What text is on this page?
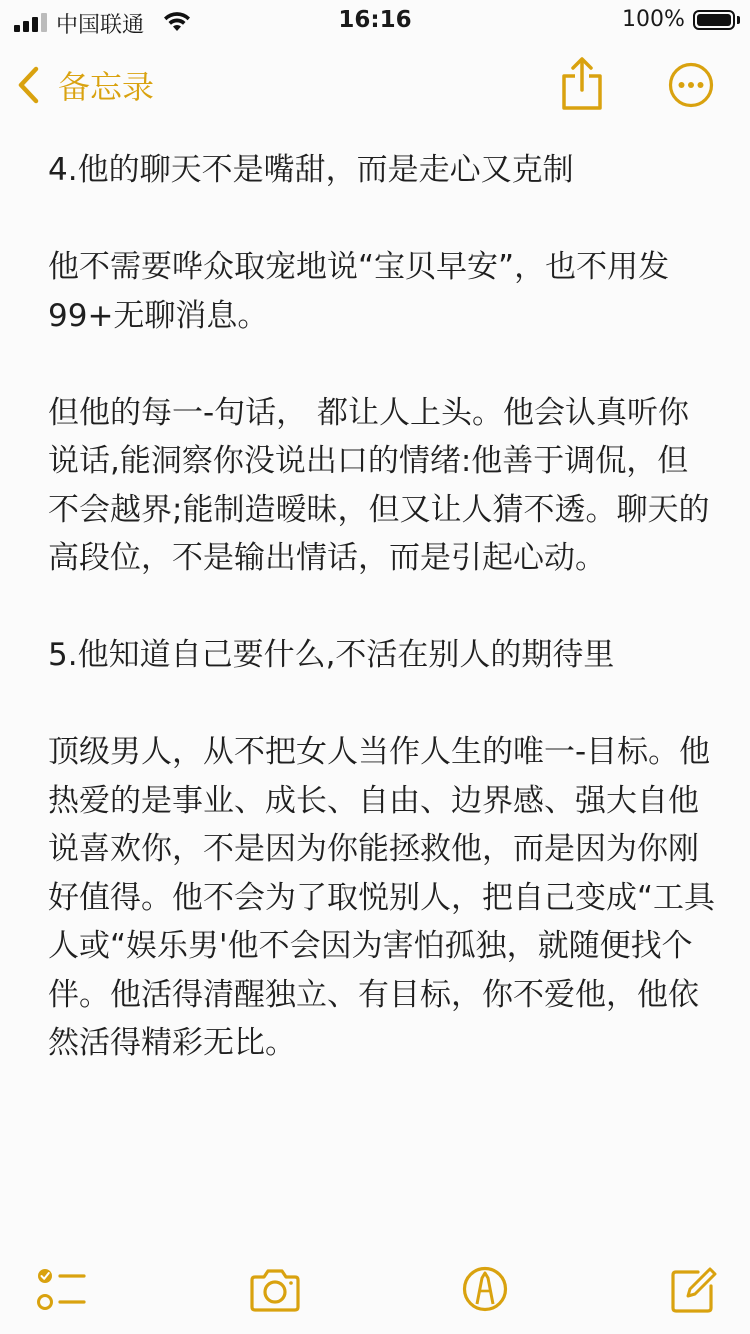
中国联通	16:16	100%
备忘录

4.他的聊天不是嘴甜，而是走心又克制

他不需要哗众取宠地说“宝贝早安”，也不用发 99+无聊消息。

但他的每一-句话， 都让人上头。他会认真听你说话,能洞察你没说出口的情绪:他善于调侃，但不会越界;能制造暧昧，但又让人猜不透。聊天的高段位，不是输出情话，而是引起心动。

5.他知道自己要什么,不活在别人的期待里

顶级男人，从不把女人当作人生的唯一-目标。他热爱的是事业、成长、自由、边界感、强大自他说喜欢你，不是因为你能拯救他，而是因为你刚好值得。他不会为了取悦别人，把自己变成“工具人或“娱乐男'他不会因为害怕孤独，就随便找个伴。他活得清醒独立、有目标，你不爱他，他依然活得精彩无比。
